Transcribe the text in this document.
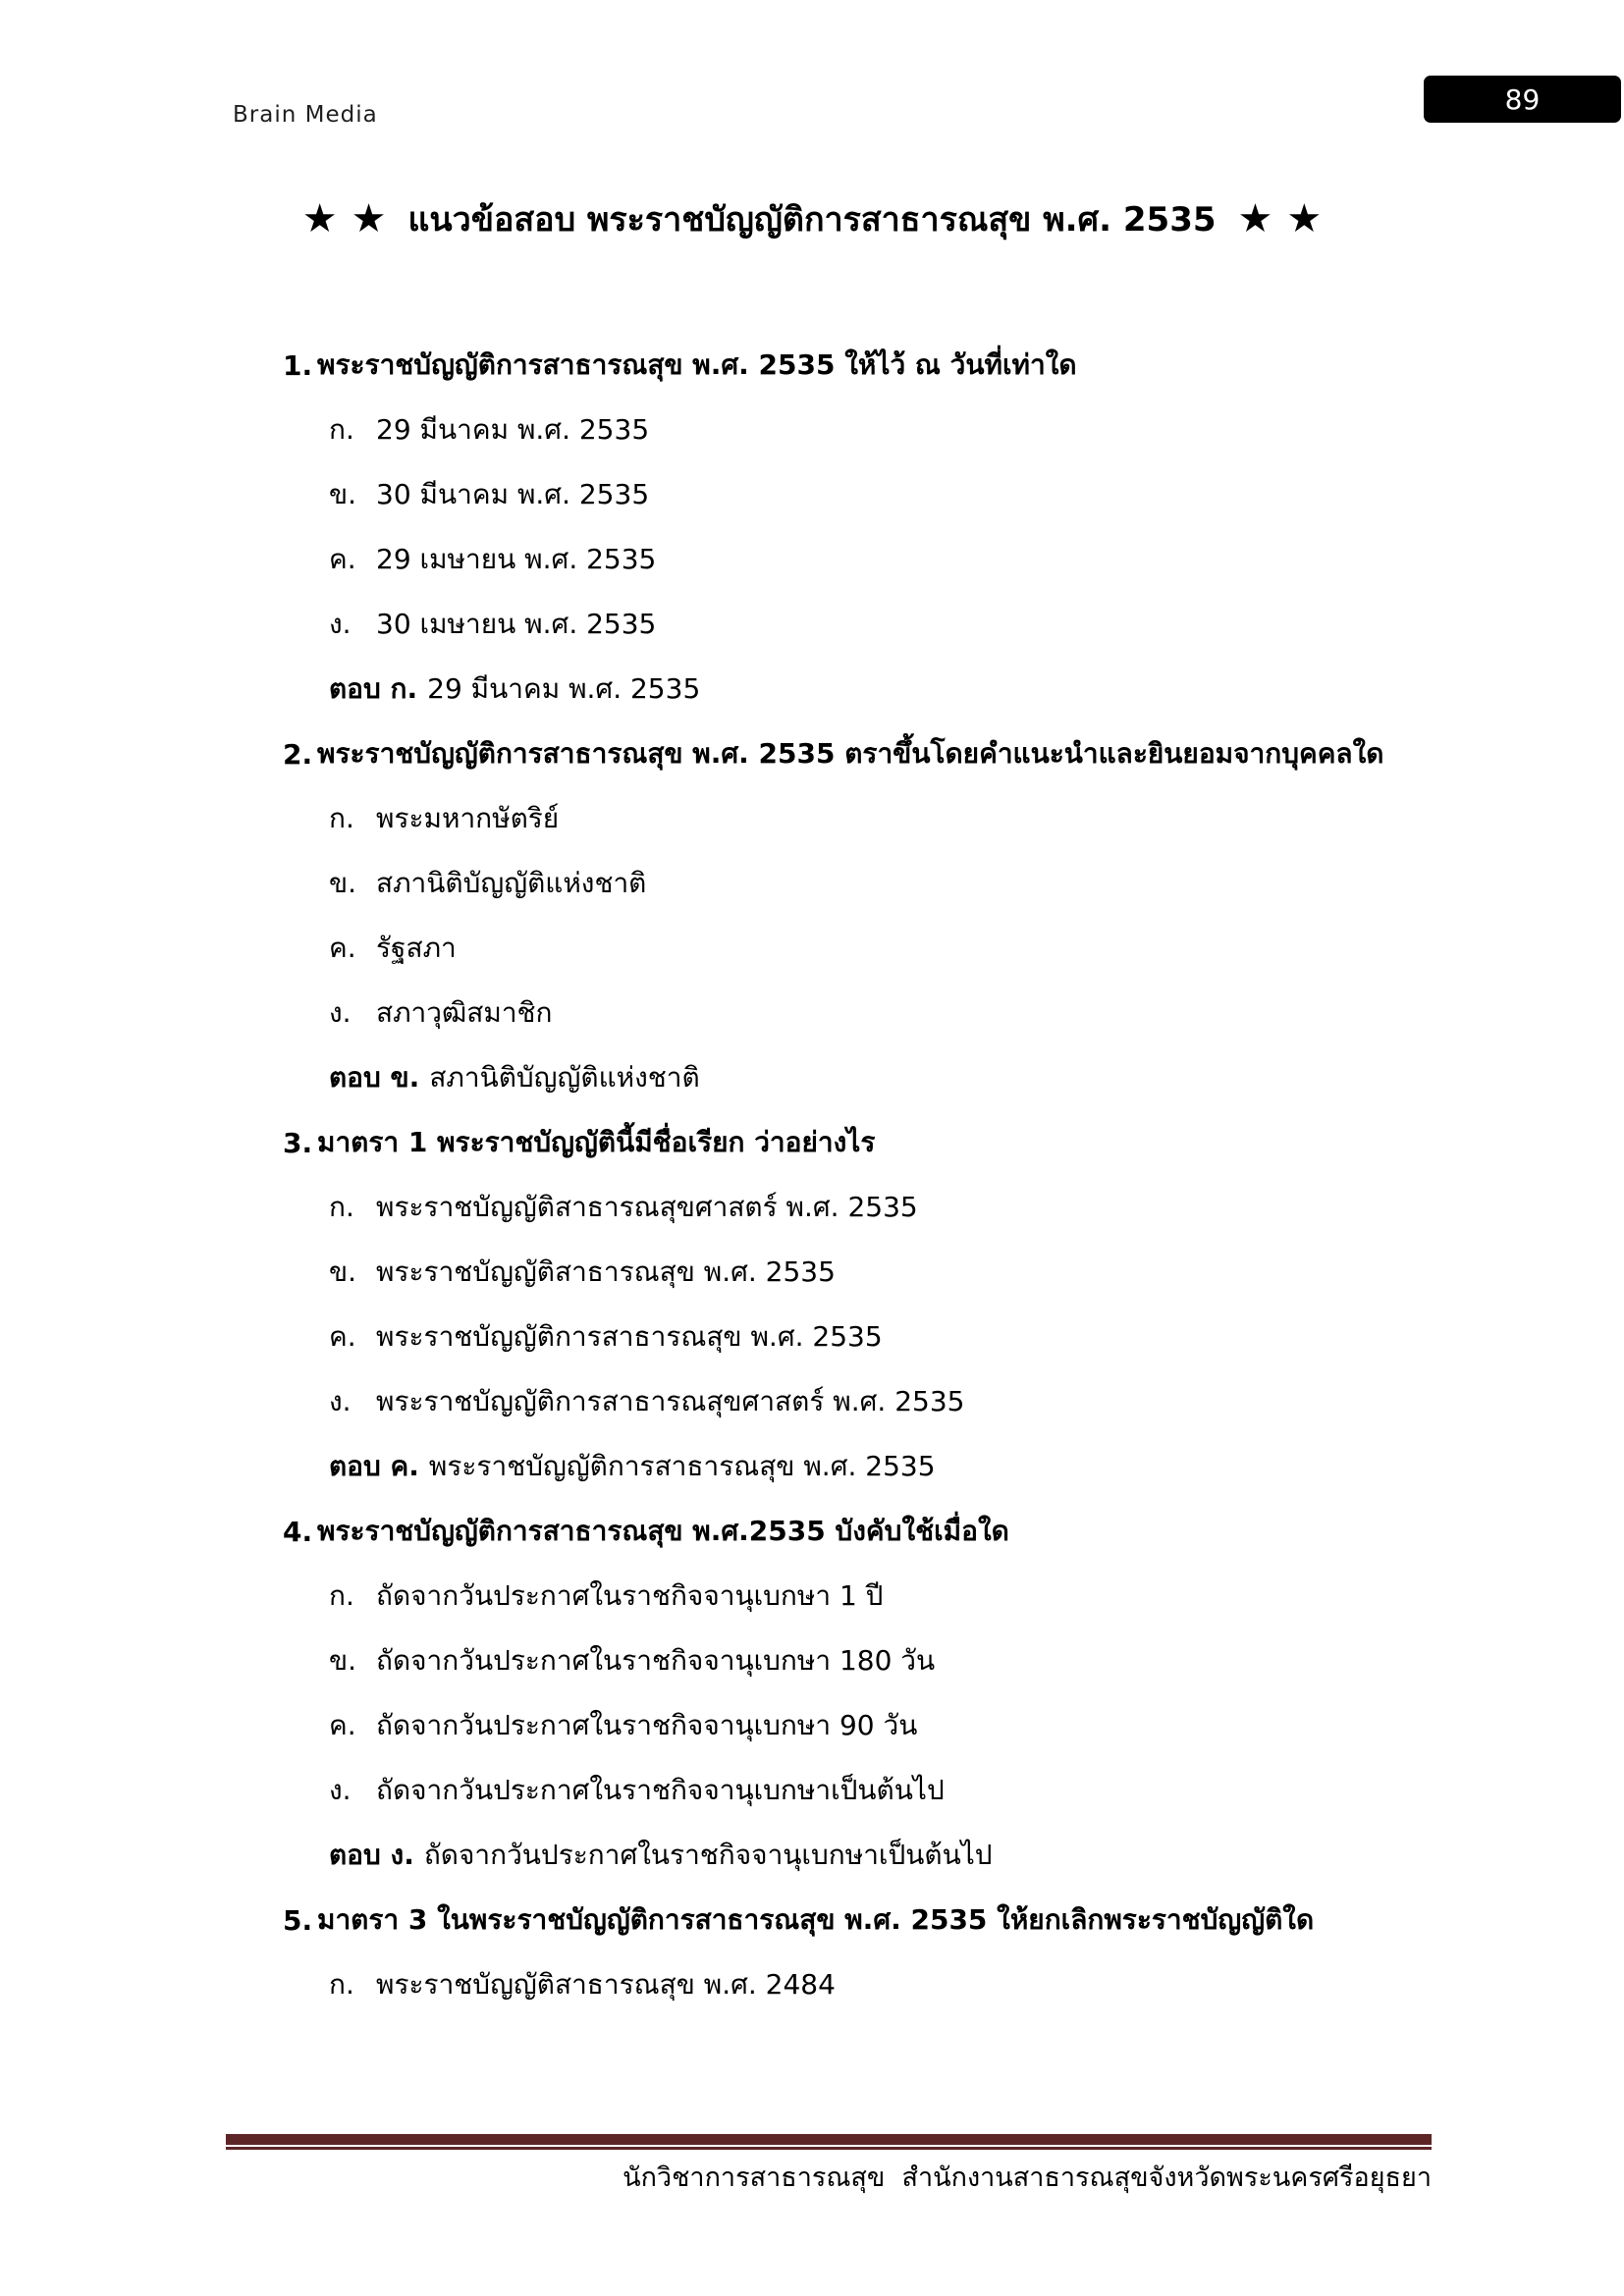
Brain Media	89
★ ★ แนวข้อสอบ พระราชบัญญัติการสาธารณสุข พ.ศ. 2535 ★ ★
1. พระราชบัญญัติการสาธารณสุข พ.ศ. 2535 ให้ไว้ ณ วันที่เท่าใด
ก. 29 มีนาคม พ.ศ. 2535
ข. 30 มีนาคม พ.ศ. 2535
ค. 29 เมษายน พ.ศ. 2535
ง. 30 เมษายน พ.ศ. 2535
ตอบ ก. 29 มีนาคม พ.ศ. 2535
2. พระราชบัญญัติการสาธารณสุข พ.ศ. 2535 ตราขึ้นโดยคำแนะนำและยินยอมจากบุคคลใด
ก. พระมหากษัตริย์
ข. สภานิติบัญญัติแห่งชาติ
ค. รัฐสภา
ง. สภาวุฒิสมาชิก
ตอบ ข. สภานิติบัญญัติแห่งชาติ
3. มาตรา 1 พระราชบัญญัตินี้มีชื่อเรียก ว่าอย่างไร
ก. พระราชบัญญัติสาธารณสุขศาสตร์ พ.ศ. 2535
ข. พระราชบัญญัติสาธารณสุข พ.ศ. 2535
ค. พระราชบัญญัติการสาธารณสุข พ.ศ. 2535
ง. พระราชบัญญัติการสาธารณสุขศาสตร์ พ.ศ. 2535
ตอบ ค. พระราชบัญญัติการสาธารณสุข พ.ศ. 2535
4. พระราชบัญญัติการสาธารณสุข พ.ศ.2535 บังคับใช้เมื่อใด
ก. ถัดจากวันประกาศในราชกิจจานุเบกษา 1 ปี
ข. ถัดจากวันประกาศในราชกิจจานุเบกษา 180 วัน
ค. ถัดจากวันประกาศในราชกิจจานุเบกษา 90 วัน
ง. ถัดจากวันประกาศในราชกิจจานุเบกษาเป็นต้นไป
ตอบ ง. ถัดจากวันประกาศในราชกิจจานุเบกษาเป็นต้นไป
5. มาตรา 3 ในพระราชบัญญัติการสาธารณสุข พ.ศ. 2535 ให้ยกเลิกพระราชบัญญัติใด
ก. พระราชบัญญัติสาธารณสุข พ.ศ. 2484
นักวิชาการสาธารณสุข  สำนักงานสาธารณสุขจังหวัดพระนครศรีอยุธยา
